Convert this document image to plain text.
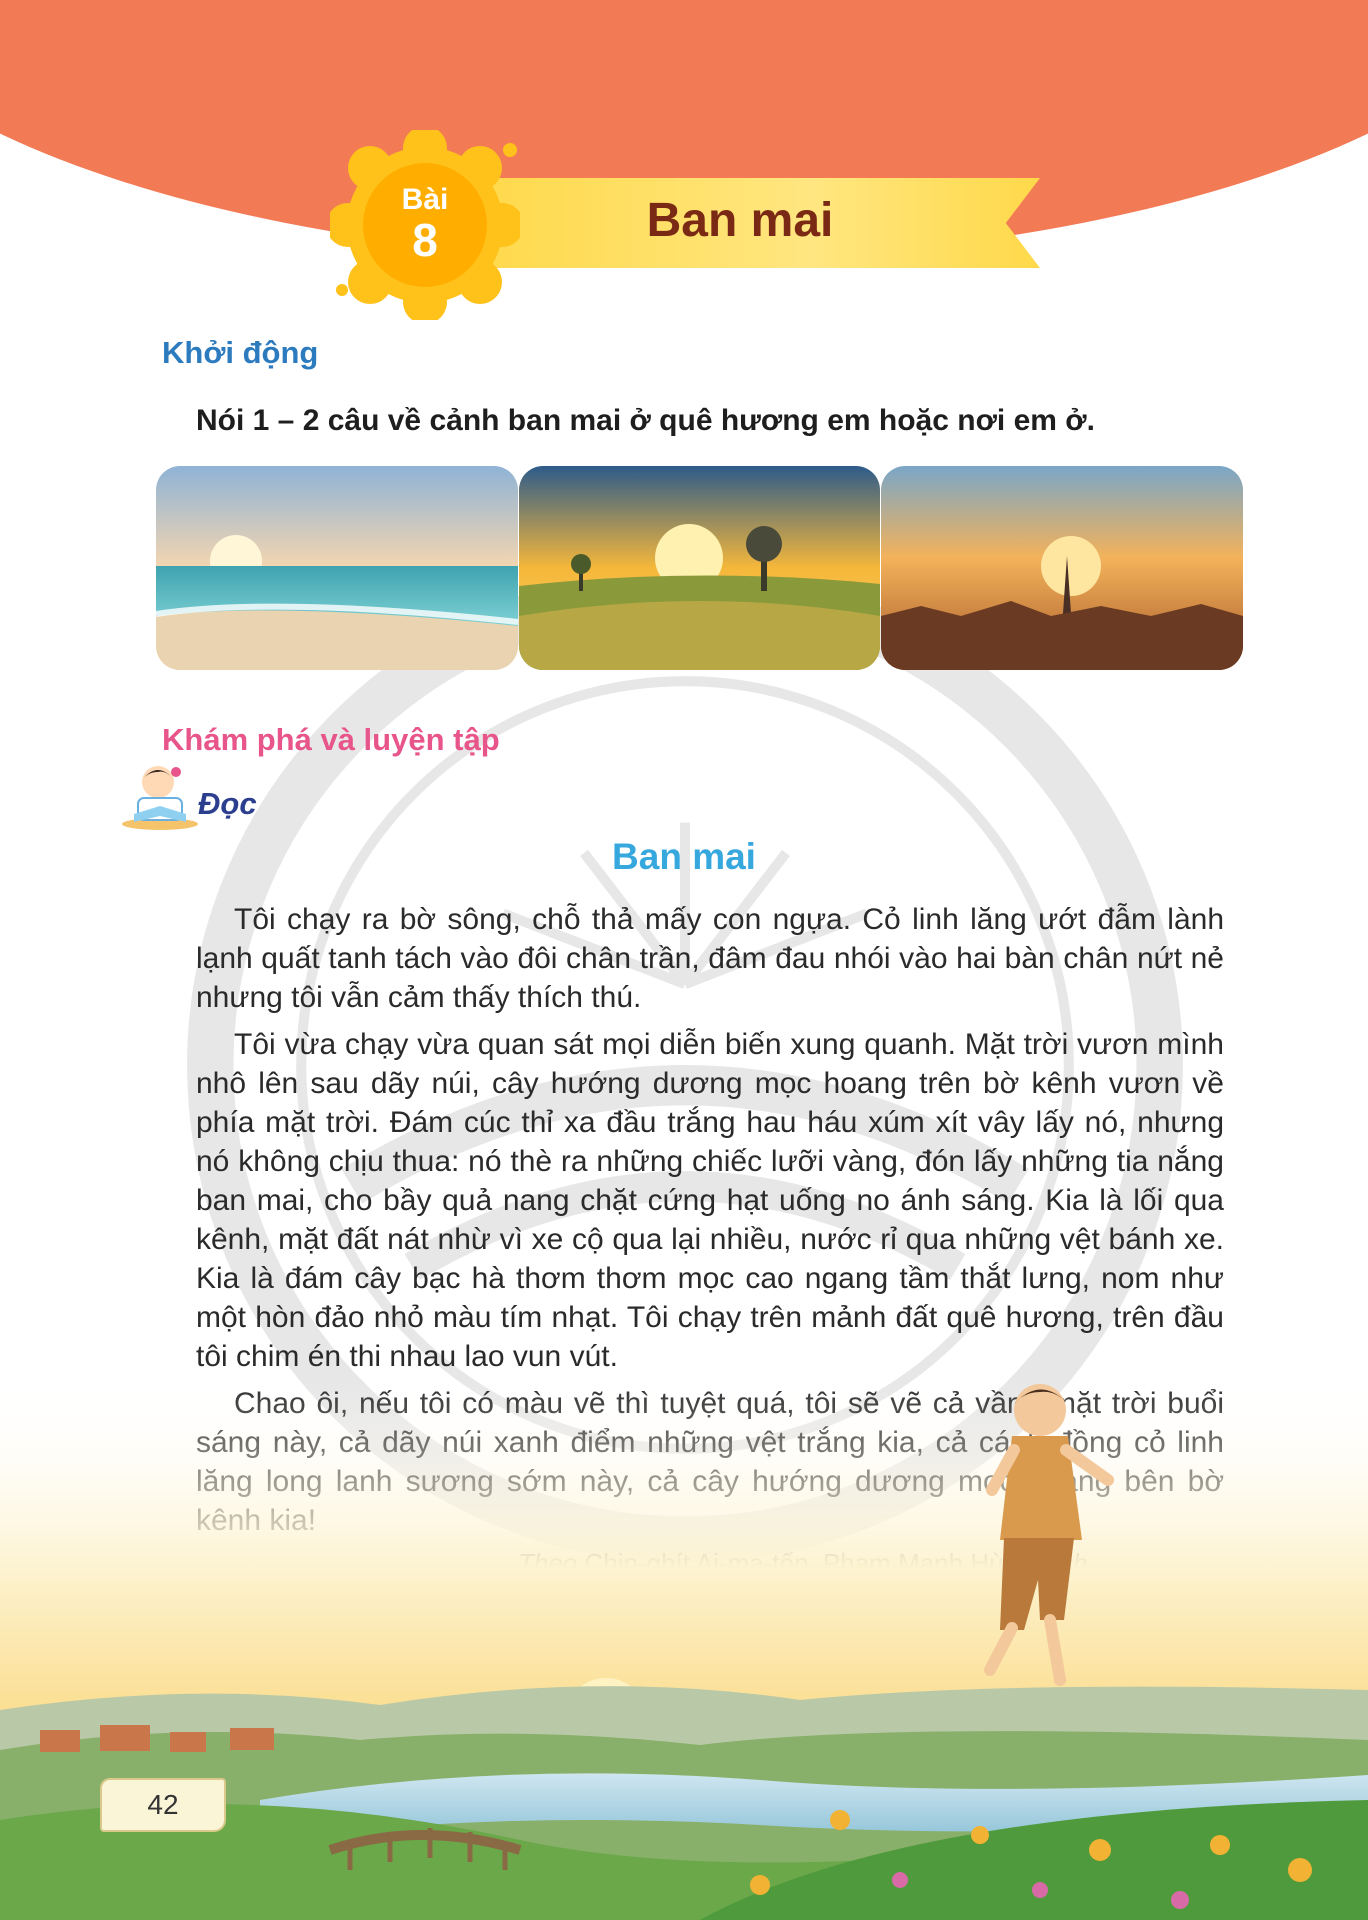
Bài
8	Ban mai
Khởi động
Nói 1 – 2 câu về cảnh ban mai ở quê hương em hoặc nơi em ở.
Khám phá và luyện tập
Đọc
Ban mai

Tôi chạy ra bờ sông, chỗ thả mấy con ngựa. Cỏ linh lăng ướt đẫm lành lạnh quất tanh tách vào đôi chân trần, đâm đau nhói vào hai bàn chân nứt nẻ nhưng tôi vẫn cảm thấy thích thú.

Tôi vừa chạy vừa quan sát mọi diễn biến xung quanh. Mặt trời vươn mình nhô lên sau dãy núi, cây hướng dương mọc hoang trên bờ kênh vươn về phía mặt trời. Đám cúc thỉ xa đầu trắng hau háu xúm xít vây lấy nó, nhưng nó không chịu thua: nó thè ra những chiếc lưỡi vàng, đón lấy những tia nắng ban mai, cho bầy quả nang chặt cứng hạt uống no ánh sáng. Kia là lối qua kênh, mặt đất nát nhừ vì xe cộ qua lại nhiều, nước rỉ qua những vệt bánh xe. Kia là đám cây bạc hà thơm thơm mọc cao ngang tầm thắt lưng, nom như một hòn đảo nhỏ màu tím nhạt. Tôi chạy trên mảnh đất quê hương, trên đầu tôi chim én thi nhau lao vun vút.

42
